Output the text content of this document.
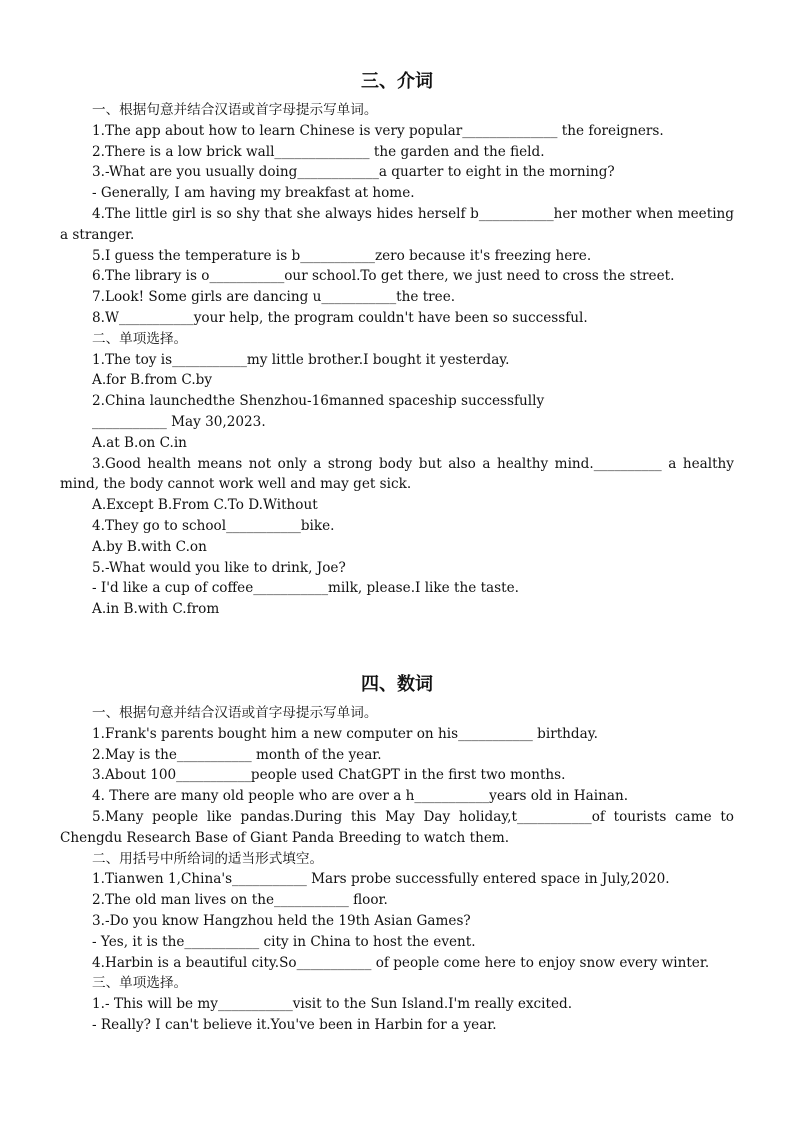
三、介词

一、根据句意并结合汉语或首字母提示写单词。

1.The app about how to learn Chinese is very popular______________ the foreigners.

2.There is a low brick wall______________ the garden and the field.

3.-What are you usually doing____________a quarter to eight in the morning?

- Generally, I am having my breakfast at home.

4.The little girl is so shy that she always hides herself b___________her mother when meeting a stranger.

5.I guess the temperature is b___________zero because it's freezing here.

6.The library is o___________our school.To get there, we just need to cross the street.

7.Look! Some girls are dancing u___________the tree.

8.W___________your help, the program couldn't have been so successful.

二、单项选择。

1.The toy is___________my little brother.I bought it yesterday.

A.for B.from C.by

2.China launchedthe Shenzhou-16manned spaceship successfully

___________ May 30,2023.

A.at B.on C.in

3.Good health means not only a strong body but also a healthy mind.__________ a healthy mind, the body cannot work well and may get sick.

A.Except B.From C.To D.Without

4.They go to school___________bike.

A.by B.with C.on

5.-What would you like to drink, Joe?

- I'd like a cup of coffee___________milk, please.I like the taste.

A.in B.with C.from

四、数词

一、根据句意并结合汉语或首字母提示写单词。

1.Frank's parents bought him a new computer on his___________ birthday.

2.May is the___________ month of the year.

3.About 100___________people used ChatGPT in the first two months.

4. There are many old people who are over a h___________years old in Hainan.

5.Many people like pandas.During this May Day holiday,t___________of tourists came to Chengdu Research Base of Giant Panda Breeding to watch them.

二、用括号中所给词的适当形式填空。

1.Tianwen 1,China's___________ Mars probe successfully entered space in July,2020.

2.The old man lives on the___________ floor.

3.-Do you know Hangzhou held the 19th Asian Games?

- Yes, it is the___________ city in China to host the event.

4.Harbin is a beautiful city.So___________ of people come here to enjoy snow every winter.

三、单项选择。

1.- This will be my___________visit to the Sun Island.I'm really excited.

- Really? I can't believe it.You've been in Harbin for a year.
